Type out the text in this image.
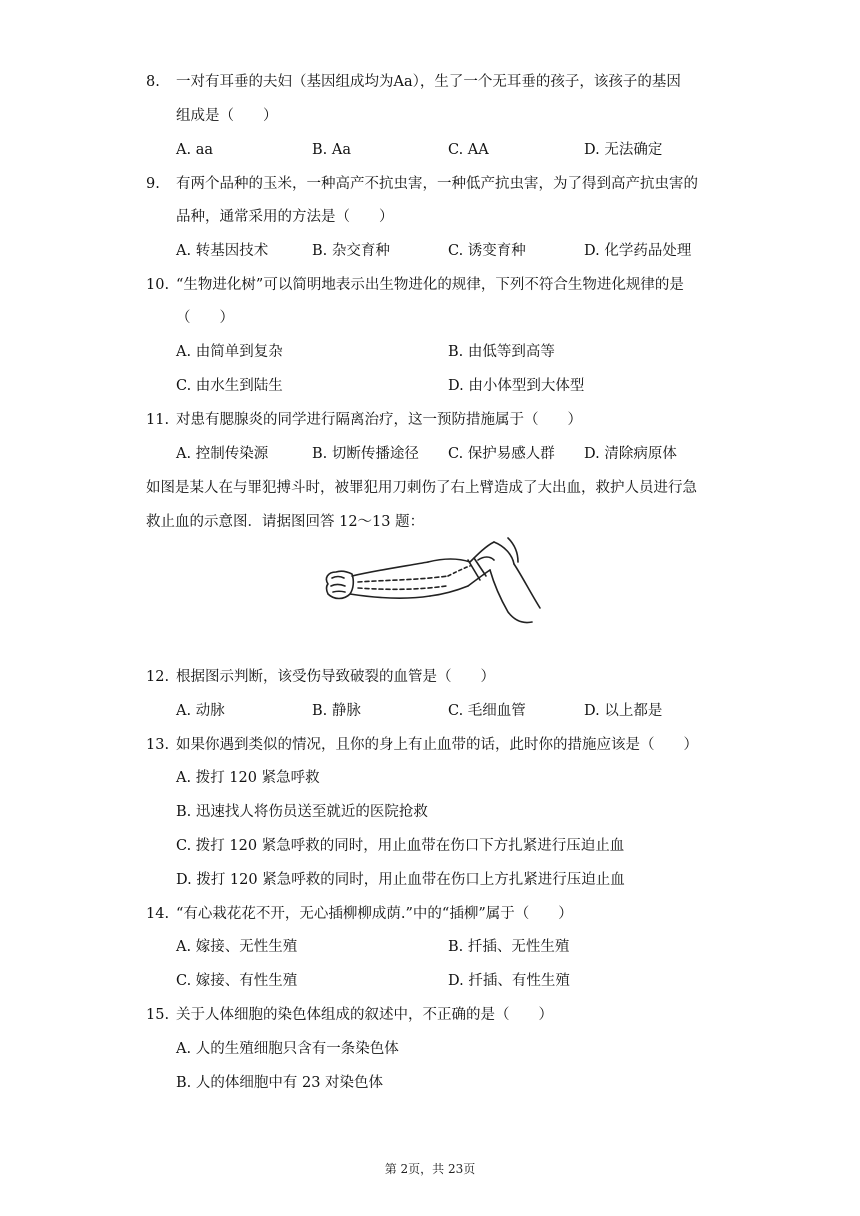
8. 一对有耳垂的夫妇（基因组成均为Aa），生了一个无耳垂的孩子，该孩子的基因
组成是（　　）
A. aa	B. Aa	C. AA	D. 无法确定
9. 有两个品种的玉米，一种高产不抗虫害，一种低产抗虫害，为了得到高产抗虫害的
品种，通常采用的方法是（　　）
A. 转基因技术	B. 杂交育种	C. 诱变育种	D. 化学药品处理
10. “生物进化树”可以简明地表示出生物进化的规律，下列不符合生物进化规律的是
（　　）
A. 由简单到复杂	B. 由低等到高等
C. 由水生到陆生	D. 由小体型到大体型
11. 对患有腮腺炎的同学进行隔离治疗，这一预防措施属于（　　）
A. 控制传染源	B. 切断传播途径 C. 保护易感人群 D. 清除病原体
如图是某人在与罪犯搏斗时，被罪犯用刀刺伤了右上臂造成了大出血，救护人员进行急
救止血的示意图．请据图回答 12～13 题：
12. 根据图示判断，该受伤导致破裂的血管是（　　）
A. 动脉	B. 静脉	C. 毛细血管	D. 以上都是
13. 如果你遇到类似的情况，且你的身上有止血带的话，此时你的措施应该是（　　）
A. 拨打 120 紧急呼救
B. 迅速找人将伤员送至就近的医院抢救
C. 拨打 120 紧急呼救的同时，用止血带在伤口下方扎紧进行压迫止血
D. 拨打 120 紧急呼救的同时，用止血带在伤口上方扎紧进行压迫止血
14. “有心栽花花不开，无心插柳柳成荫.”中的“插柳”属于（　　）
A. 嫁接、无性生殖	B. 扦插、无性生殖
C. 嫁接、有性生殖	D. 扦插、有性生殖
15. 关于人体细胞的染色体组成的叙述中，不正确的是（　　）
A. 人的生殖细胞只含有一条染色体
B. 人的体细胞中有 23 对染色体
第 2页，共 23页
